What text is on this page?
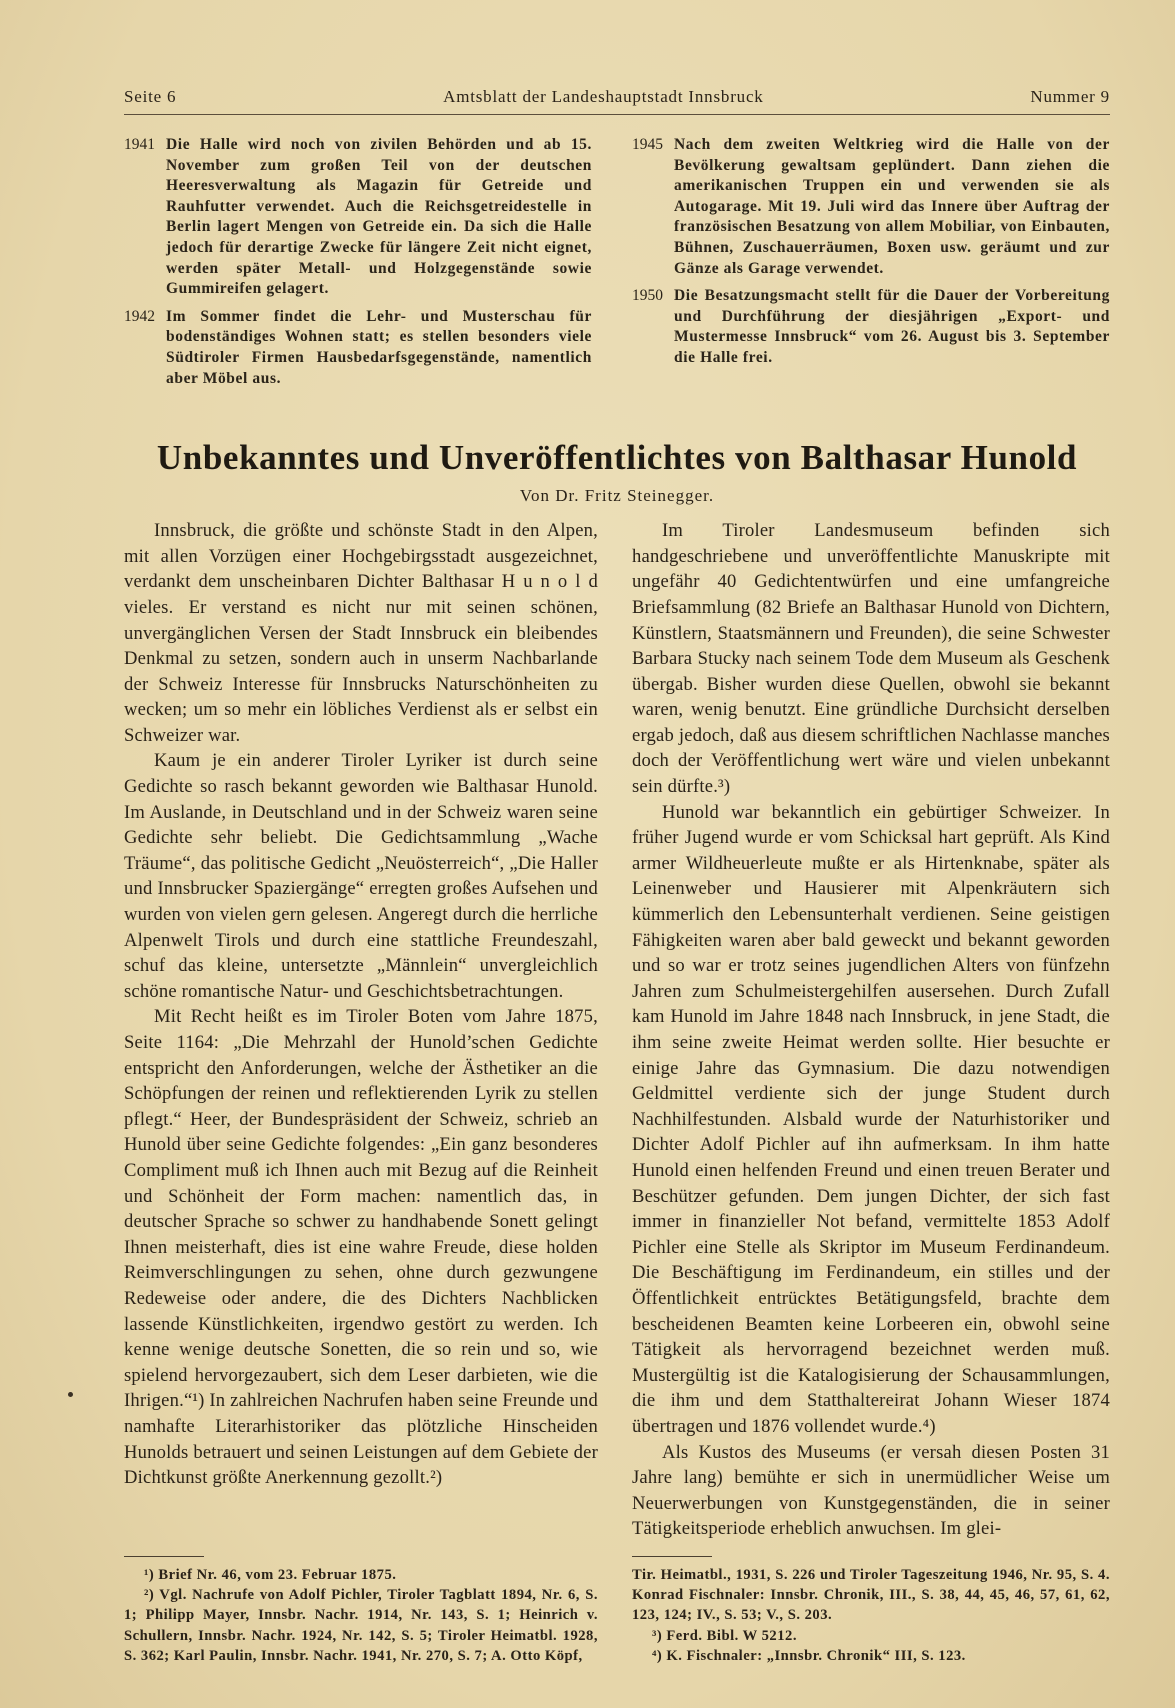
Seite 6	Amtsblatt der Landeshauptstadt Innsbruck	Nummer 9
1941 Die Halle wird noch von zivilen Behörden und ab 15. November zum großen Teil von der deutschen Heeresverwaltung als Magazin für Getreide und Rauhfutter verwendet. Auch die Reichsgetreidestelle in Berlin lagert Mengen von Getreide ein. Da sich die Halle jedoch für derartige Zwecke für längere Zeit nicht eignet, werden später Metall- und Holzgegenstände sowie Gummireifen gelagert.
1942 Im Sommer findet die Lehr- und Musterschau für bodenständiges Wohnen statt; es stellen besonders viele Südtiroler Firmen Hausbedarfsgegenstände, namentlich aber Möbel aus.
1945 Nach dem zweiten Weltkrieg wird die Halle von der Bevölkerung gewaltsam geplündert. Dann ziehen die amerikanischen Truppen ein und verwenden sie als Autogarage. Mit 19. Juli wird das Innere über Auftrag der französischen Besatzung von allem Mobiliar, von Einbauten, Bühnen, Zuschauerräumen, Boxen usw. geräumt und zur Gänze als Garage verwendet.
1950 Die Besatzungsmacht stellt für die Dauer der Vorbereitung und Durchführung der diesjährigen „Export- und Mustermesse Innsbruck“ vom 26. August bis 3. September die Halle frei.
Unbekanntes und Unveröffentlichtes von Balthasar Hunold
Von Dr. Fritz Steinegger.

Innsbruck, die größte und schönste Stadt in den Alpen, mit allen Vorzügen einer Hochgebirgsstadt ausgezeichnet, verdankt dem unscheinbaren Dichter Balthasar H u n o l d vieles. Er verstand es nicht nur mit seinen schönen, unvergänglichen Versen der Stadt Innsbruck ein bleibendes Denkmal zu setzen, sondern auch in unserm Nachbarlande der Schweiz Interesse für Innsbrucks Naturschönheiten zu wecken; um so mehr ein löbliches Verdienst als er selbst ein Schweizer war.

Kaum je ein anderer Tiroler Lyriker ist durch seine Gedichte so rasch bekannt geworden wie Balthasar Hunold. Im Auslande, in Deutschland und in der Schweiz waren seine Gedichte sehr beliebt. Die Gedichtsammlung „Wache Träume“, das politische Gedicht „Neuösterreich“, „Die Haller und Innsbrucker Spaziergänge“ erregten großes Aufsehen und wurden von vielen gern gelesen. Angeregt durch die herrliche Alpenwelt Tirols und durch eine stattliche Freundeszahl, schuf das kleine, untersetzte „Männlein“ unvergleichlich schöne romantische Natur- und Geschichtsbetrachtungen.

Mit Recht heißt es im Tiroler Boten vom Jahre 1875, Seite 1164: „Die Mehrzahl der Hunold’schen Gedichte entspricht den Anforderungen, welche der Ästhetiker an die Schöpfungen der reinen und reflektierenden Lyrik zu stellen pflegt.“ Heer, der Bundespräsident der Schweiz, schrieb an Hunold über seine Gedichte folgendes: „Ein ganz besonderes Compliment muß ich Ihnen auch mit Bezug auf die Reinheit und Schönheit der Form machen: namentlich das, in deutscher Sprache so schwer zu handhabende Sonett gelingt Ihnen meisterhaft, dies ist eine wahre Freude, diese holden Reimverschlingungen zu sehen, ohne durch gezwungene Redeweise oder andere, die des Dichters Nachblicken lassende Künstlichkeiten, irgendwo gestört zu werden. Ich kenne wenige deutsche Sonetten, die so rein und so, wie spielend hervorgezaubert, sich dem Leser darbieten, wie die Ihrigen.“¹) In zahlreichen Nachrufen haben seine Freunde und namhafte Literarhistoriker das plötzliche Hinscheiden Hunolds betrauert und seinen Leistungen auf dem Gebiete der Dichtkunst größte Anerkennung gezollt.²)

¹) Brief Nr. 46, vom 23. Februar 1875.

²) Vgl. Nachrufe von Adolf Pichler, Tiroler Tagblatt 1894, Nr. 6, S. 1; Philipp Mayer, Innsbr. Nachr. 1914, Nr. 143, S. 1; Heinrich v. Schullern, Innsbr. Nachr. 1924, Nr. 142, S. 5; Tiroler Heimatbl. 1928, S. 362; Karl Paulin, Innsbr. Nachr. 1941, Nr. 270, S. 7; A. Otto Köpf,

Im Tiroler Landesmuseum befinden sich handgeschriebene und unveröffentlichte Manuskripte mit ungefähr 40 Gedichtentwürfen und eine umfangreiche Briefsammlung (82 Briefe an Balthasar Hunold von Dichtern, Künstlern, Staatsmännern und Freunden), die seine Schwester Barbara Stucky nach seinem Tode dem Museum als Geschenk übergab. Bisher wurden diese Quellen, obwohl sie bekannt waren, wenig benutzt. Eine gründliche Durchsicht derselben ergab jedoch, daß aus diesem schriftlichen Nachlasse manches doch der Veröffentlichung wert wäre und vielen unbekannt sein dürfte.³)

Hunold war bekanntlich ein gebürtiger Schweizer. In früher Jugend wurde er vom Schicksal hart geprüft. Als Kind armer Wildheuerleute mußte er als Hirtenknabe, später als Leinenweber und Hausierer mit Alpenkräutern sich kümmerlich den Lebensunterhalt verdienen. Seine geistigen Fähigkeiten waren aber bald geweckt und bekannt geworden und so war er trotz seines jugendlichen Alters von fünfzehn Jahren zum Schulmeistergehilfen ausersehen. Durch Zufall kam Hunold im Jahre 1848 nach Innsbruck, in jene Stadt, die ihm seine zweite Heimat werden sollte. Hier besuchte er einige Jahre das Gymnasium. Die dazu notwendigen Geldmittel verdiente sich der junge Student durch Nachhilfestunden. Alsbald wurde der Naturhistoriker und Dichter Adolf Pichler auf ihn aufmerksam. In ihm hatte Hunold einen helfenden Freund und einen treuen Berater und Beschützer gefunden. Dem jungen Dichter, der sich fast immer in finanzieller Not befand, vermittelte 1853 Adolf Pichler eine Stelle als Skriptor im Museum Ferdinandeum. Die Beschäftigung im Ferdinandeum, ein stilles und der Öffentlichkeit entrücktes Betätigungsfeld, brachte dem bescheidenen Beamten keine Lorbeeren ein, obwohl seine Tätigkeit als hervorragend bezeichnet werden muß. Mustergültig ist die Katalogisierung der Schausammlungen, die ihm und dem Statthaltereirat Johann Wieser 1874 übertragen und 1876 vollendet wurde.⁴)

Als Kustos des Museums (er versah diesen Posten 31 Jahre lang) bemühte er sich in unermüdlicher Weise um Neuerwerbungen von Kunstgegenständen, die in seiner Tätigkeitsperiode erheblich anwuchsen. Im glei-

Tir. Heimatbl., 1931, S. 226 und Tiroler Tageszeitung 1946, Nr. 95, S. 4. Konrad Fischnaler: Innsbr. Chronik, III., S. 38, 44, 45, 46, 57, 61, 62, 123, 124; IV., S. 53; V., S. 203.

³) Ferd. Bibl. W 5212.

⁴) K. Fischnaler: „Innsbr. Chronik“ III, S. 123.
